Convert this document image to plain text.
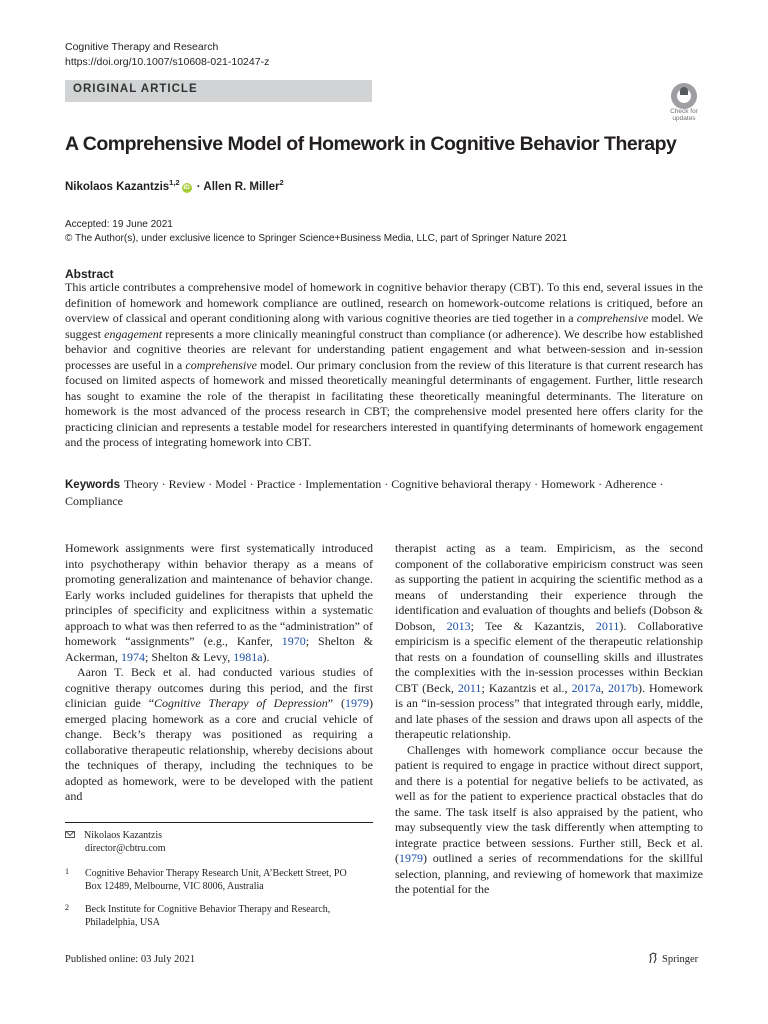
Cognitive Therapy and Research
https://doi.org/10.1007/s10608-021-10247-z
ORIGINAL ARTICLE
Check for
updates
A Comprehensive Model of Homework in Cognitive Behavior Therapy
Nikolaos Kazantzis$^{1,2}$iD · Allen R. Miller$^2$
Accepted: 19 June 2021
© The Author(s), under exclusive licence to Springer Science+Business Media, LLC, part of Springer Nature 2021
Abstract
This article contributes a comprehensive model of homework in cognitive behavior therapy (CBT). To this end, several issues in the definition of homework and homework compliance are outlined, research on homework-outcome relations is critiqued, before an overview of classical and operant conditioning along with various cognitive theories are tied together in a comprehensive model. We suggest engagement represents a more clinically meaningful construct than compliance (or adherence). We describe how established behavior and cognitive theories are relevant for understanding patient engagement and what between-session and in-session processes are useful in a comprehensive model. Our primary conclusion from the review of this literature is that current research has focused on limited aspects of homework and missed theoretically meaningful determinants of engagement. Further, little research has sought to examine the role of the therapist in facilitating these theoretically meaningful determinants. The literature on homework is the most advanced of the process research in CBT; the comprehensive model presented here offers clarity for the practicing clinician and represents a testable model for researchers interested in quantifying determinants of homework engagement and the process of integrating homework into CBT.
Keywords Theory · Review · Model · Practice · Implementation · Cognitive behavioral therapy · Homework · Adherence · Compliance

Homework assignments were first systematically introduced into psychotherapy within behavior therapy as a means of promoting generalization and maintenance of behavior change. Early works included guidelines for therapists that upheld the principles of specificity and explicitness within a systematic approach to what was then referred to as the “administration” of homework “assignments” (e.g., Kanfer, 1970; Shelton & Ackerman, 1974; Shelton & Levy, 1981a).

Aaron T. Beck et al. had conducted various studies of cognitive therapy outcomes during this period, and the first clinician guide “Cognitive Therapy of Depression” (1979) emerged placing homework as a core and crucial vehicle of change. Beck’s therapy was positioned as requiring a collaborative therapeutic relationship, whereby decisions about the techniques of therapy, including the techniques to be adopted as homework, were to be developed with the patient and

therapist acting as a team. Empiricism, as the second component of the collaborative empiricism construct was seen as supporting the patient in acquiring the scientific method as a means of understanding their experience through the identification and evaluation of thoughts and beliefs (Dobson & Dobson, 2013; Tee & Kazantzis, 2011). Collaborative empiricism is a specific element of the therapeutic relationship that rests on a foundation of counselling skills and illustrates the complexities with the in-session processes within Beckian CBT (Beck, 2011; Kazantzis et al., 2017a, 2017b). Homework is an “in-session process” that integrated through early, middle, and late phases of the session and draws upon all aspects of the therapeutic relationship.

Challenges with homework compliance occur because the patient is required to engage in practice without direct support, and there is a potential for negative beliefs to be activated, as well as for the patient to experience practical obstacles that do the same. The task itself is also appraised by the patient, who may subsequently view the task differently when attempting to integrate practice between sessions. Further still, Beck et al. (1979) outlined a series of recommendations for the skillful selection, planning, and reviewing of homework that maximize the potential for the

Nikolaos Kazantzis
director@cbtru.com
1 Cognitive Behavior Therapy Research Unit, A’Beckett Street, PO Box 12489, Melbourne, VIC 8006, Australia
2 Beck Institute for Cognitive Behavior Therapy and Research, Philadelphia, USA
Published online: 03 July 2021	Springer
